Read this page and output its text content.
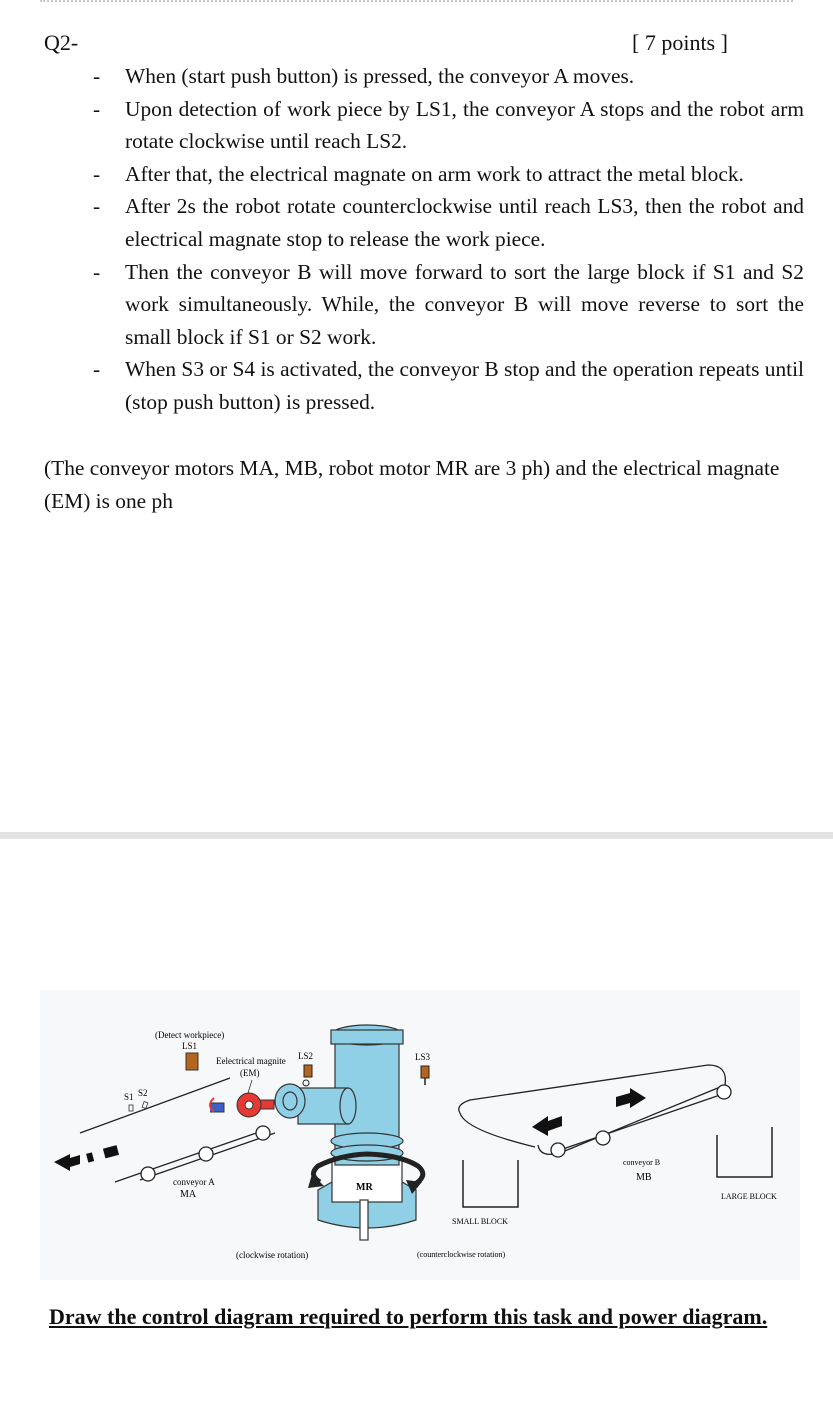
Q2-	[ 7 points ]
- When (start push button) is pressed, the conveyor A moves.
- Upon detection of work piece by LS1, the conveyor A stops and the robot arm rotate clockwise until reach LS2.
- After that, the electrical magnate on arm work to attract the metal block.
- After 2s the robot rotate counterclockwise until reach LS3, then the robot and electrical magnate stop to release the work piece.
- Then the conveyor B will move forward to sort the large block if S1 and S2 work simultaneously. While, the conveyor B will move reverse to sort the small block if S1 or S2 work.
- When S3 or S4 is activated, the conveyor B stop and the operation repeats until (stop push button) is pressed.
(The conveyor motors MA, MB, robot motor MR are 3 ph) and the electrical magnate (EM) is one ph
S1 S2
(Detect workpiece)
LS1
Eelectrical magnite
(EM)
conveyor A
MA
LS2
MR
LS3
conveyor B
MB
SMALL BLOCK
LARGE BLOCK
(clockwise rotation)	(counterclockwise rotation)
Draw the control diagram required to perform this task and power diagram.
